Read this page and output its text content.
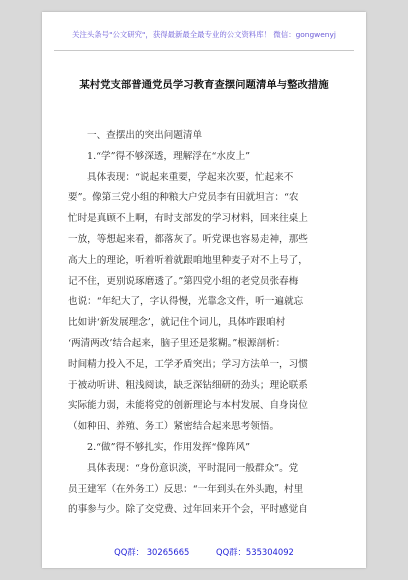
关注头条号"公文研究"，获得最新最全最专业的公文资料库！ 微信：gongwenyj
某村党支部普通党员学习教育查摆问题清单与整改措施
一、查摆出的突出问题清单
1.“学”得不够深透，理解浮在“水皮上”
具体表现：“说起来重要，学起来次要，忙起来不
要”。像第三党小组的种粮大户党员李有田就坦言：“农
忙时是真顾不上啊，有时支部发的学习材料，回来往桌上
一放，等想起来看，都落灰了。听党课也容易走神，那些
高大上的理论，听着听着就跟咱地里种麦子对不上号了，
记不住，更别说琢磨透了。”第四党小组的老党员张春梅
也说：“年纪大了，字认得慢，光靠念文件，听一遍就忘
比如讲‘新发展理念’，就记住个词儿，具体咋跟咱村
‘两清两改’结合起来，脑子里还是浆糊。”根源剖析：
时间精力投入不足，工学矛盾突出；学习方法单一，习惯
于被动听讲、粗浅阅读，缺乏深钻细研的劲头；理论联系
实际能力弱，未能将党的创新理论与本村发展、自身岗位
（如种田、养殖、务工）紧密结合起来思考领悟。
2.“做”得不够扎实，作用发挥“像阵风”
具体表现：“身份意识淡，平时混同一般群众”。党
员王建军（在外务工）反思：“一年到头在外头跑，村里
的事参与少。除了交党费、过年回来开个会，平时感觉自
QQ群： 30265665	QQ群：535304092
